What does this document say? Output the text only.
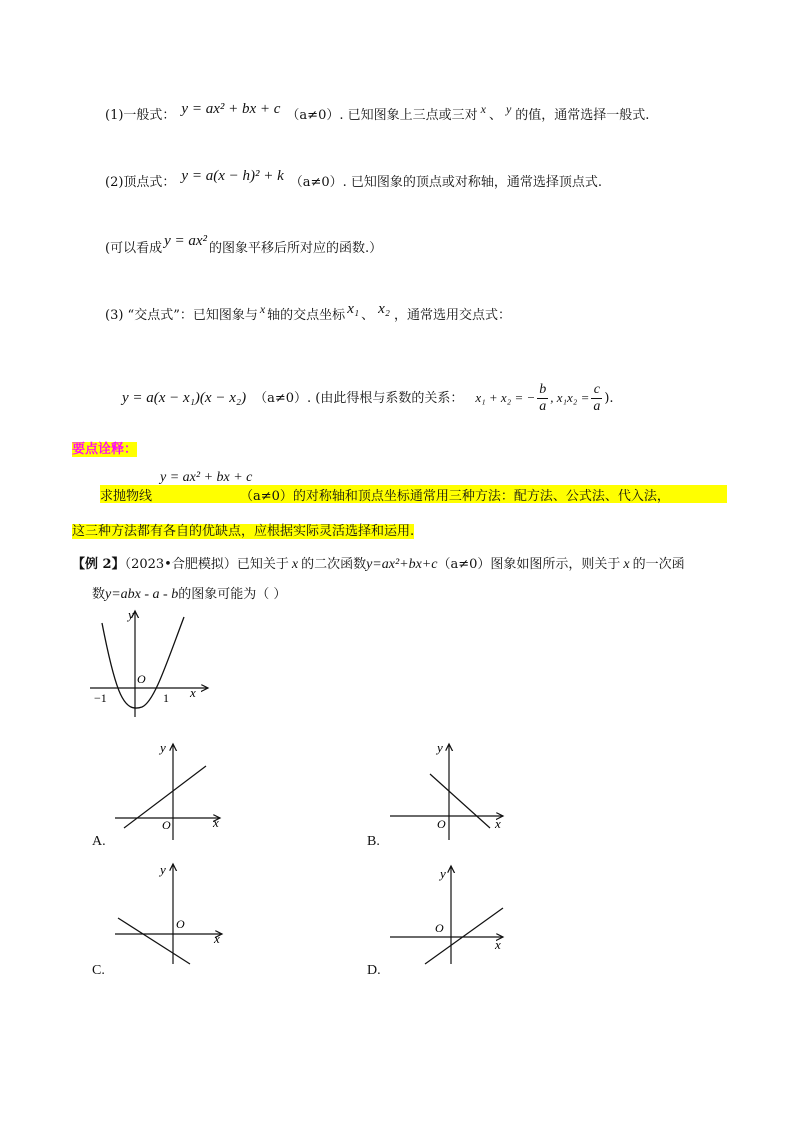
(1)一般式： y = ax² + bx + c （a≠0）. 已知图象上三点或三对 x 、 y 的值，通常选择一般式.
(2)顶点式： y = a(x − h)² + k （a≠0）. 已知图象的顶点或对称轴，通常选择顶点式.
(可以看成 y = ax² 的图象平移后所对应的函数.）
(3) “交点式”：已知图象与 x 轴的交点坐标 x₁ 、 x₂ ，通常选用交点式：
y = a(x − x₁)(x − x₂) （a≠0）. (由此得根与系数的关系： x₁ + x₂ = − $\frac{b}{a}$ , $x_1x_2 = \frac{c}{a}$ ).
要点诠释：
y = ax² + bx + c
求抛物线	（a≠0）的对称轴和顶点坐标通常用三种方法：配方法、公式法、代入法，
这三种方法都有各自的优缺点，应根据实际灵活选择和运用.
【例 2】（2023•合肥模拟）已知关于 x 的二次函数y=ax²+bx+c（a≠0）图象如图所示，则关于 x 的一次函
数y=abx - a - b的图象可能为（ ）
y
x
O
−1	1
y
x
O
A.
y
x
O
B.
y
x
O
C.
y
x
O
D.
